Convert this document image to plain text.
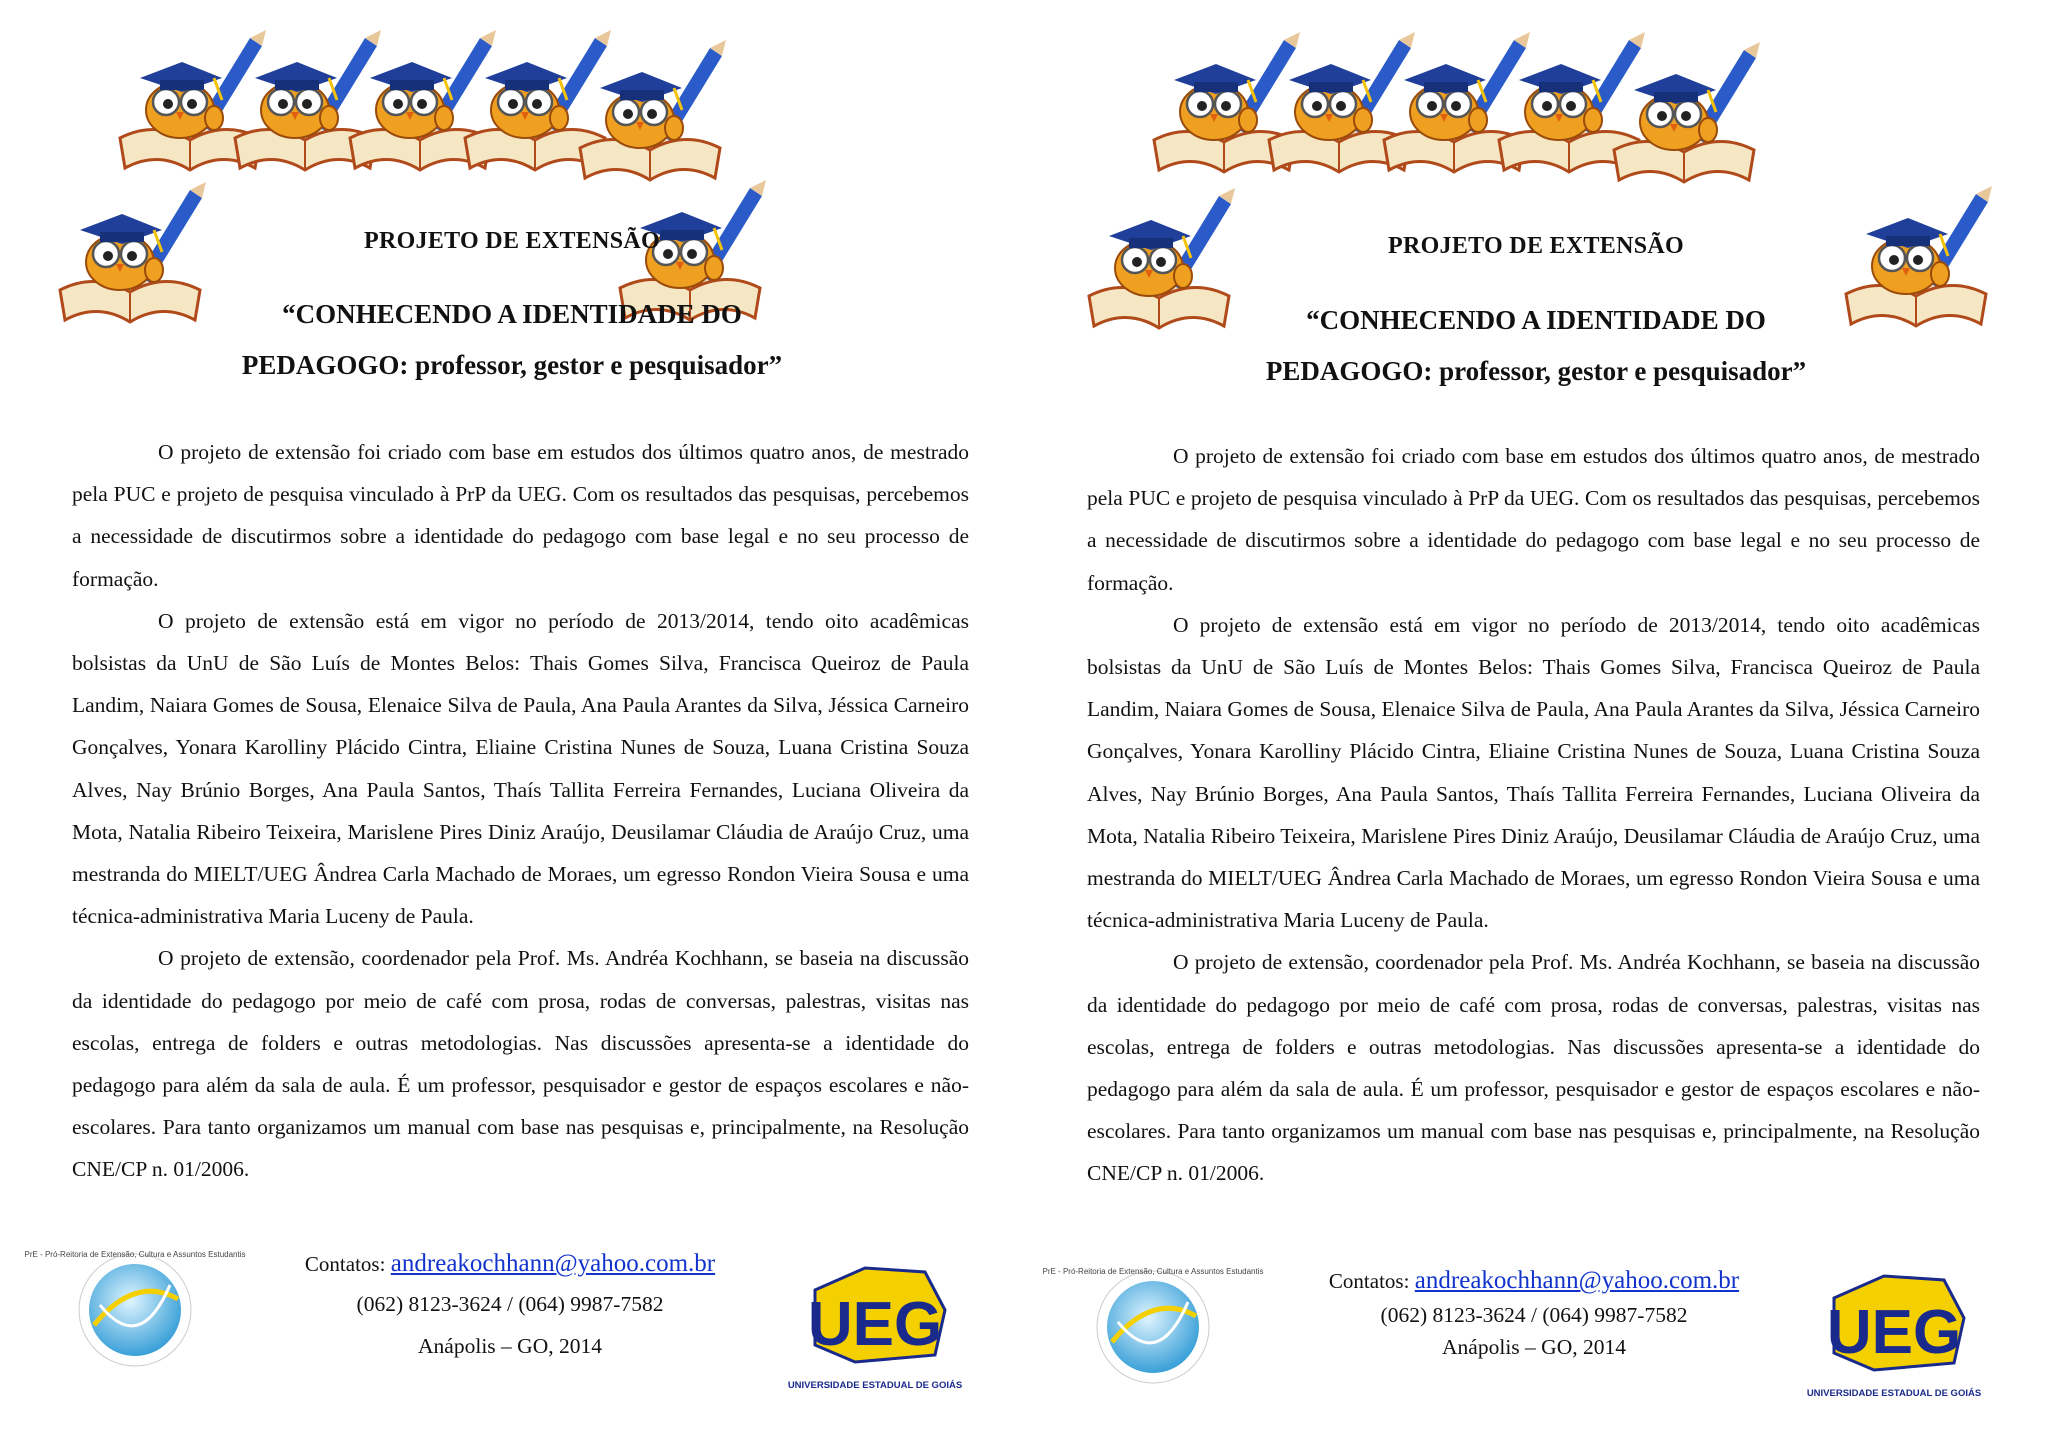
PROJETO DE EXTENSÃO
“CONHECENDO A IDENTIDADE DO
PEDAGOGO: professor, gestor e pesquisador”

O projeto de extensão foi criado com base em estudos dos últimos quatro anos, de mestrado pela PUC e projeto de pesquisa vinculado à PrP da UEG. Com os resultados das pesquisas, percebemos a necessidade de discutirmos sobre a identidade do pedagogo com base legal e no seu processo de formação.

O projeto de extensão está em vigor no período de 2013/2014, tendo oito acadêmicas bolsistas da UnU de São Luís de Montes Belos: Thais Gomes Silva, Francisca Queiroz de Paula Landim, Naiara Gomes de Sousa, Elenaice Silva de Paula, Ana Paula Arantes da Silva, Jéssica Carneiro Gonçalves, Yonara Karolliny Plácido Cintra, Eliaine Cristina Nunes de Souza, Luana Cristina Souza Alves, Nay Brúnio Borges, Ana Paula Santos, Thaís Tallita Ferreira Fernandes, Luciana Oliveira da Mota, Natalia Ribeiro Teixeira, Marislene Pires Diniz Araújo, Deusilamar Cláudia de Araújo Cruz, uma mestranda do MIELT/UEG Ândrea Carla Machado de Moraes, um egresso Rondon Vieira Sousa e uma técnica-administrativa Maria Luceny de Paula.

O projeto de extensão, coordenador pela Prof. Ms. Andréa Kochhann, se baseia na discussão da identidade do pedagogo por meio de café com prosa, rodas de conversas, palestras, visitas nas escolas, entrega de folders e outras metodologias. Nas discussões apresenta-se a identidade do pedagogo para além da sala de aula. É um professor, pesquisador e gestor de espaços escolares e não-escolares. Para tanto organizamos um manual com base nas pesquisas e, principalmente, na Resolução CNE/CP n. 01/2006.

PrE - Pró-Reitoria de Extensão, Cultura e Assuntos Estudantis	Contatos: andreakochhann@yahoo.com.br
(062) 8123-3624 / (064) 9987-7582
Anápolis – GO, 2014	UEG
UNIVERSIDADE ESTADUAL DE GOIÁS
PROJETO DE EXTENSÃO
“CONHECENDO A IDENTIDADE DO
PEDAGOGO: professor, gestor e pesquisador”

O projeto de extensão foi criado com base em estudos dos últimos quatro anos, de mestrado pela PUC e projeto de pesquisa vinculado à PrP da UEG. Com os resultados das pesquisas, percebemos a necessidade de discutirmos sobre a identidade do pedagogo com base legal e no seu processo de formação.

O projeto de extensão está em vigor no período de 2013/2014, tendo oito acadêmicas bolsistas da UnU de São Luís de Montes Belos: Thais Gomes Silva, Francisca Queiroz de Paula Landim, Naiara Gomes de Sousa, Elenaice Silva de Paula, Ana Paula Arantes da Silva, Jéssica Carneiro Gonçalves, Yonara Karolliny Plácido Cintra, Eliaine Cristina Nunes de Souza, Luana Cristina Souza Alves, Nay Brúnio Borges, Ana Paula Santos, Thaís Tallita Ferreira Fernandes, Luciana Oliveira da Mota, Natalia Ribeiro Teixeira, Marislene Pires Diniz Araújo, Deusilamar Cláudia de Araújo Cruz, uma mestranda do MIELT/UEG Ândrea Carla Machado de Moraes, um egresso Rondon Vieira Sousa e uma técnica-administrativa Maria Luceny de Paula.

O projeto de extensão, coordenador pela Prof. Ms. Andréa Kochhann, se baseia na discussão da identidade do pedagogo por meio de café com prosa, rodas de conversas, palestras, visitas nas escolas, entrega de folders e outras metodologias. Nas discussões apresenta-se a identidade do pedagogo para além da sala de aula. É um professor, pesquisador e gestor de espaços escolares e não-escolares. Para tanto organizamos um manual com base nas pesquisas e, principalmente, na Resolução CNE/CP n. 01/2006.

PrE - Pró-Reitoria de Extensão, Cultura e Assuntos Estudantis	Contatos: andreakochhann@yahoo.com.br
(062) 8123-3624 / (064) 9987-7582
Anápolis – GO, 2014	UEG
UNIVERSIDADE ESTADUAL DE GOIÁS
